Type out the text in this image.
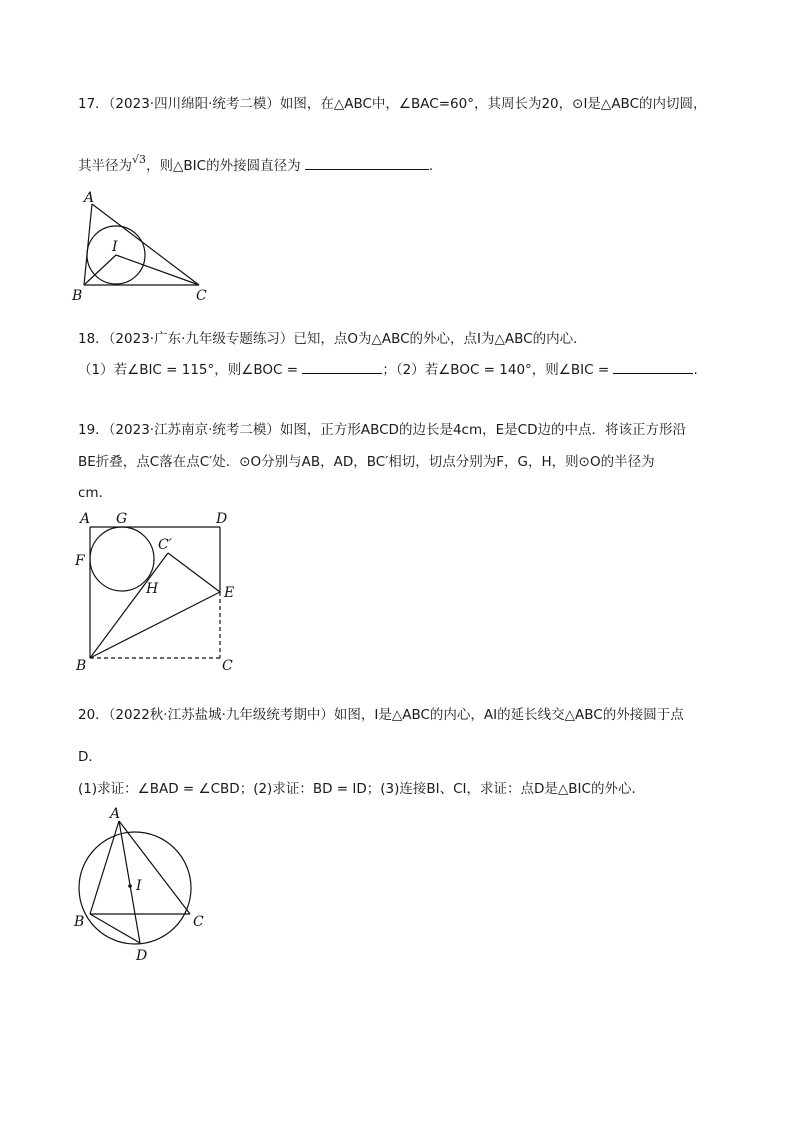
17．（2023·四川绵阳·统考二模）如图，在△ABC中，∠BAC=60°，其周长为20，⊙I是△ABC的内切圆，
其半径为$^{√3}$，则△BIC的外接圆直径为	.
A
B	C
I
18．（2023·广东·九年级专题练习）已知，点O为△ABC的外心，点I为△ABC的内心．
（1）若∠BIC = 115°，则∠BOC =	；（2）若∠BOC = 140°，则∠BIC =	.
19．（2023·江苏南京·统考二模）如图，正方形ABCD的边长是4cm，E是CD边的中点．将该正方形沿
BE折叠，点C落在点C′处．⊙O分别与AB，AD，BC′相切，切点分别为F，G，H，则⊙O的半径为
cm．
A G	D
F
C′
H	E
B	C
20．（2022秋·江苏盐城·九年级统考期中）如图，I是△ABC的内心，AI的延长线交△ABC的外接圆于点
D．
(1)求证：∠BAD = ∠CBD；(2)求证：BD = ID；(3)连接BI、CI，求证：点D是△BIC的外心．
A
I
B	C
D
